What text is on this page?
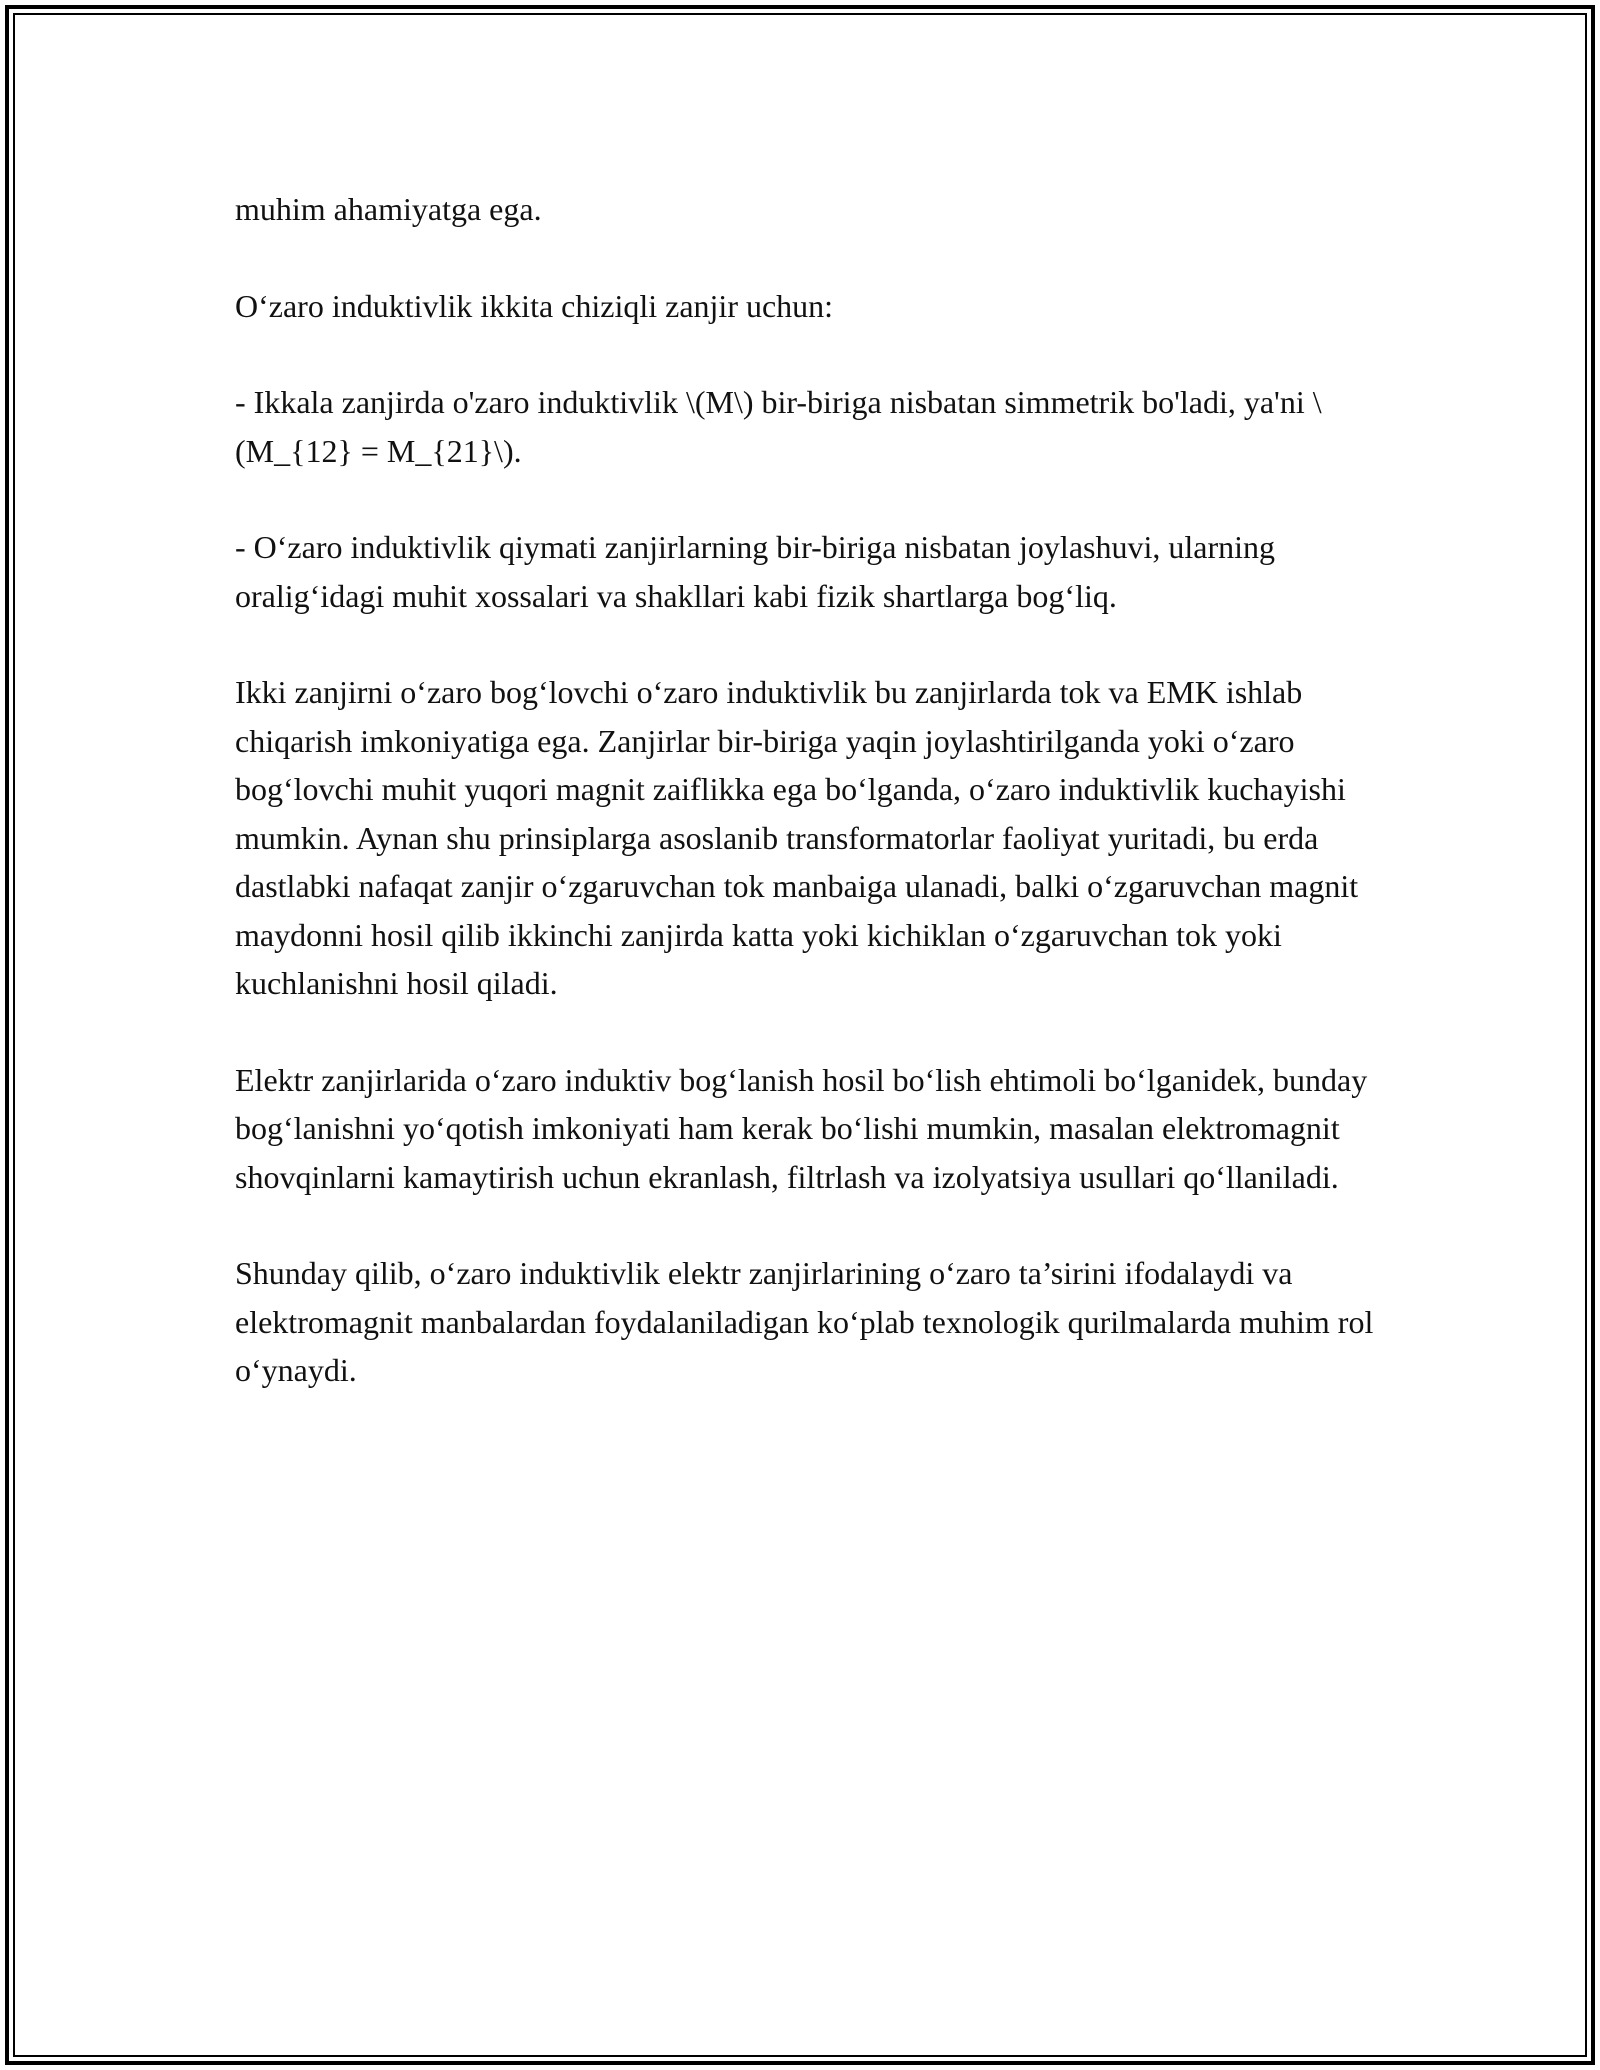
muhim ahamiyatga ega.

O‘zaro induktivlik ikkita chiziqli zanjir uchun:

- Ikkala zanjirda o'zaro induktivlik \(M\) bir-biriga nisbatan simmetrik bo'ladi, ya'ni \(M_{12} = M_{21}\).

- O‘zaro induktivlik qiymati zanjirlarning bir-biriga nisbatan joylashuvi, ularning oralig‘idagi muhit xossalari va shakllari kabi fizik shartlarga bog‘liq.

Ikki zanjirni o‘zaro bog‘lovchi o‘zaro induktivlik bu zanjirlarda tok va EMK ishlab chiqarish imkoniyatiga ega. Zanjirlar bir-biriga yaqin joylashtirilganda yoki o‘zaro bog‘lovchi muhit yuqori magnit zaiflikka ega bo‘lganda, o‘zaro induktivlik kuchayishi mumkin. Aynan shu prinsiplarga asoslanib transformatorlar faoliyat yuritadi, bu erda dastlabki nafaqat zanjir o‘zgaruvchan tok manbaiga ulanadi, balki o‘zgaruvchan magnit maydonni hosil qilib ikkinchi zanjirda katta yoki kichiklan o‘zgaruvchan tok yoki kuchlanishni hosil qiladi.

Elektr zanjirlarida o‘zaro induktiv bog‘lanish hosil bo‘lish ehtimoli bo‘lganidek, bunday bog‘lanishni yo‘qotish imkoniyati ham kerak bo‘lishi mumkin, masalan elektromagnit shovqinlarni kamaytirish uchun ekranlash, filtrlash va izolyatsiya usullari qo‘llaniladi.

Shunday qilib, o‘zaro induktivlik elektr zanjirlarining o‘zaro ta’sirini ifodalaydi va elektromagnit manbalardan foydalaniladigan ko‘plab texnologik qurilmalarda muhim rol o‘ynaydi.
